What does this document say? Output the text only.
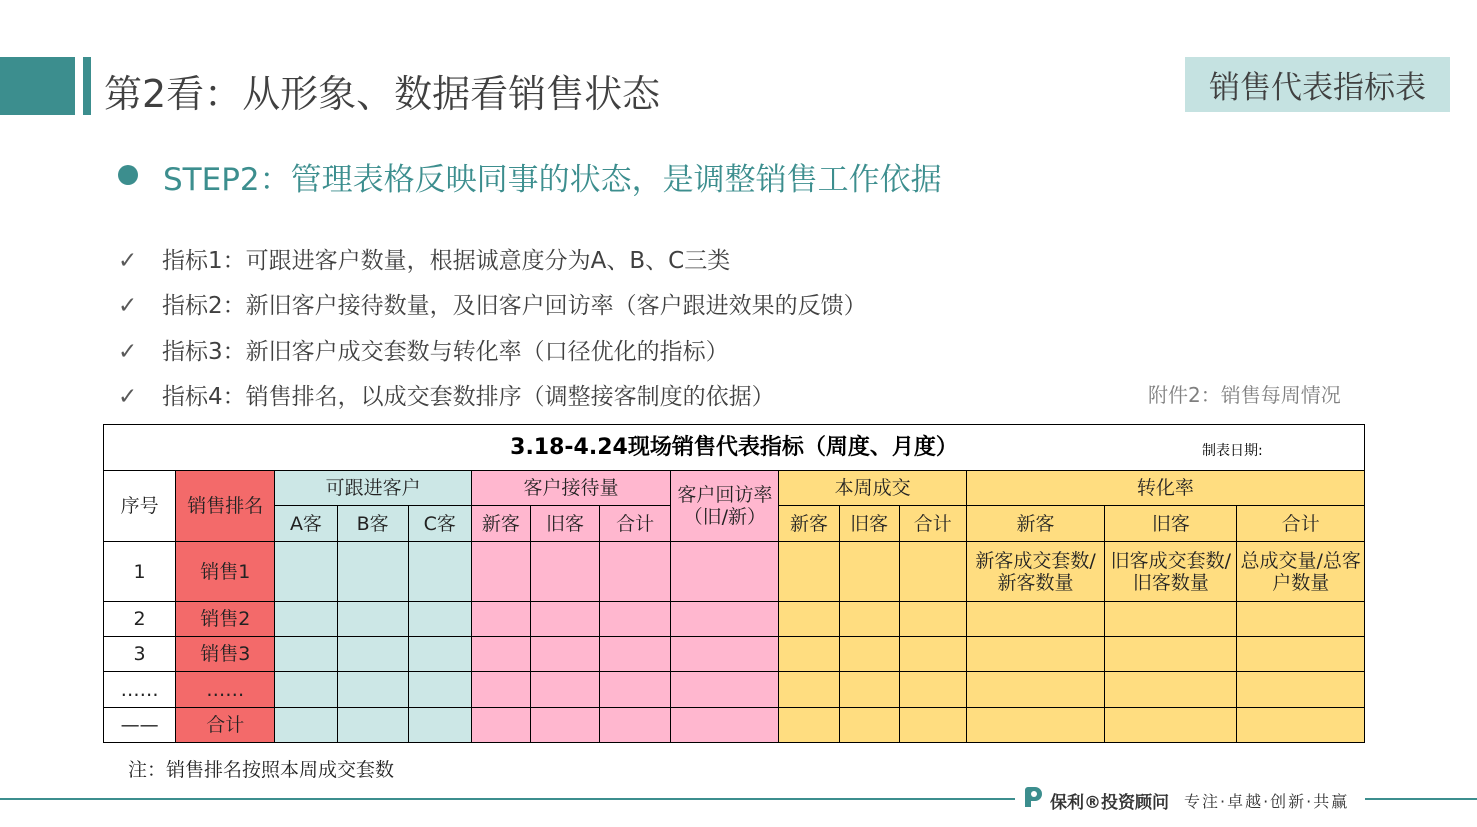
第2看：从形象、数据看销售状态	销售代表指标表
STEP2：管理表格反映同事的状态，是调整销售工作依据
✓ 指标1：可跟进客户数量，根据诚意度分为A、B、C三类
✓ 指标2：新旧客户接待数量，及旧客户回访率（客户跟进效果的反馈）
✓ 指标3：新旧客户成交套数与转化率（口径优化的指标）
✓ 指标4：销售排名，以成交套数排序（调整接客制度的依据）	附件2：销售每周情况
3.18-4.24现场销售代表指标（周度、月度） 制表日期:														

序号	销售排名	可跟进客户			客户接待量			客户回访率（旧/新）	本周成交			转化率		
		A客	B客	C客	新客	旧客	合计		新客	旧客	合计	新客	旧客	合计
1	销售1											新客成交套数/新客数量	旧客成交套数/旧客数量	总成交量/总客户数量
2	销售2													
3	销售3													
……	……													
——	合计													
注：销售排名按照本周成交套数
保利®投资顾问 专注·卓越·创新·共赢
